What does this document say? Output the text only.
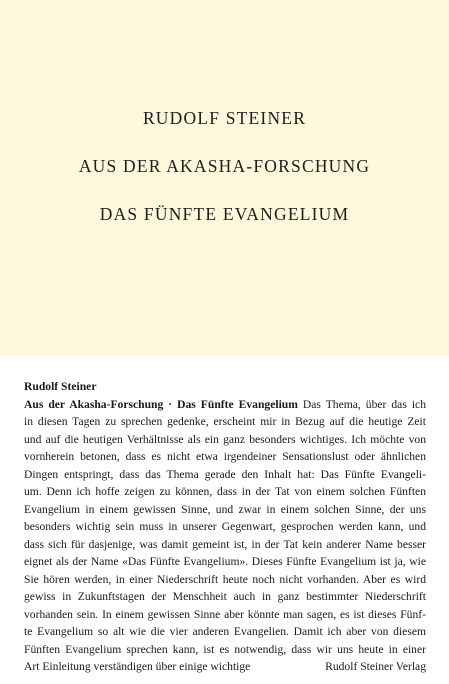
RUDOLF STEINER
AUS DER AKASHA-FORSCHUNG
DAS FÜNFTE EVANGELIUM
Rudolf Steiner
Aus der Akasha-Forschung · Das Fünfte Evangelium Das Thema, über das ich
in diesen Tagen zu sprechen gedenke, erscheint mir in Bezug auf die heutige Zeit
und auf die heutigen Verhältnisse als ein ganz besonders wichtiges. Ich möchte von
vornherein betonen, dass es nicht etwa irgendeiner Sensationslust oder ähnlichen
Dingen entspringt, dass das Thema gerade den Inhalt hat: Das Fünfte Evangeli-
um. Denn ich hoffe zeigen zu können, dass in der Tat von einem solchen Fünften
Evangelium in einem gewissen Sinne, und zwar in einem solchen Sinne, der uns
besonders wichtig sein muss in unserer Gegenwart, gesprochen werden kann, und
dass sich für dasjenige, was damit gemeint ist, in der Tat kein anderer Name besser
eignet als der Name «Das Fünfte Evangelium». Dieses Fünfte Evangelium ist ja, wie
Sie hören werden, in einer Niederschrift heute noch nicht vorhanden. Aber es wird
gewiss in Zukunftstagen der Menschheit auch in ganz bestimmter Niederschrift
vorhanden sein. In einem gewissen Sinne aber könnte man sagen, es ist dieses Fünf-
te Evangelium so alt wie die vier anderen Evangelien. Damit ich aber von diesem
Fünften Evangelium sprechen kann, ist es notwendig, dass wir uns heute in einer
Art Einleitung verständigen über einige wichtige	Rudolf Steiner Verlag
